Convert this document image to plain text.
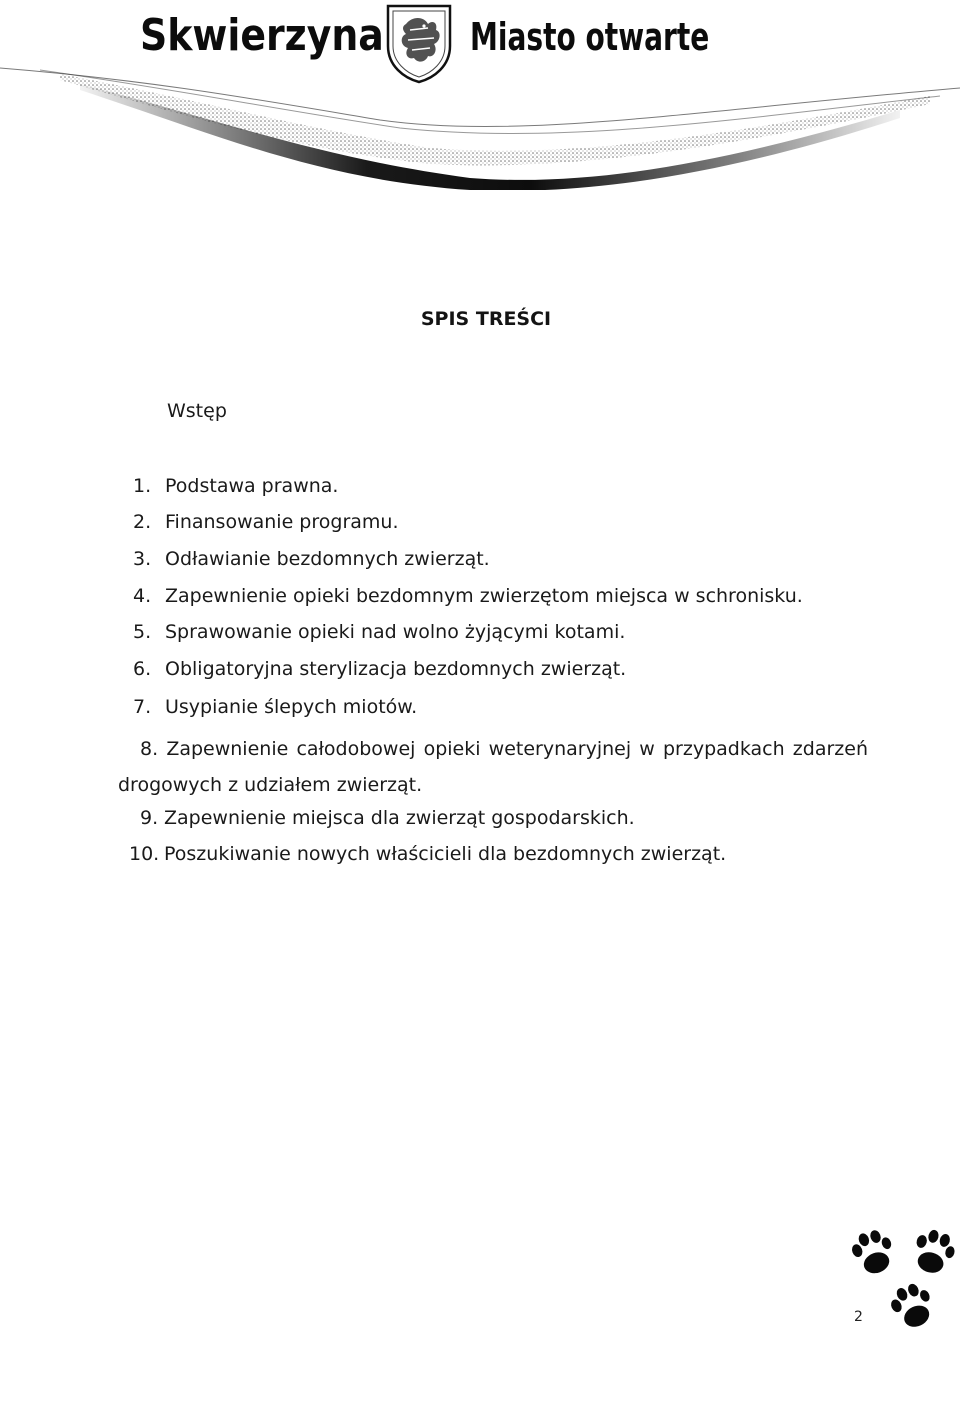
Skwierzyna Miasto otwarte
SPIS TREŚCI
Wstęp
1. Podstawa prawna.
2. Finansowanie programu.
3. Odławianie bezdomnych zwierząt.
4. Zapewnienie opieki bezdomnym zwierzętom miejsca w schronisku.
5. Sprawowanie opieki nad wolno żyjącymi kotami.
6. Obligatoryjna sterylizacja bezdomnych zwierząt.
7. Usypianie ślepych miotów.
8. Zapewnienie całodobowej opieki weterynaryjnej w przypadkach zdarzeń drogowych z udziałem zwierząt.
9. Zapewnienie miejsca dla zwierząt gospodarskich.
10. Poszukiwanie nowych właścicieli dla bezdomnych zwierząt.
2
